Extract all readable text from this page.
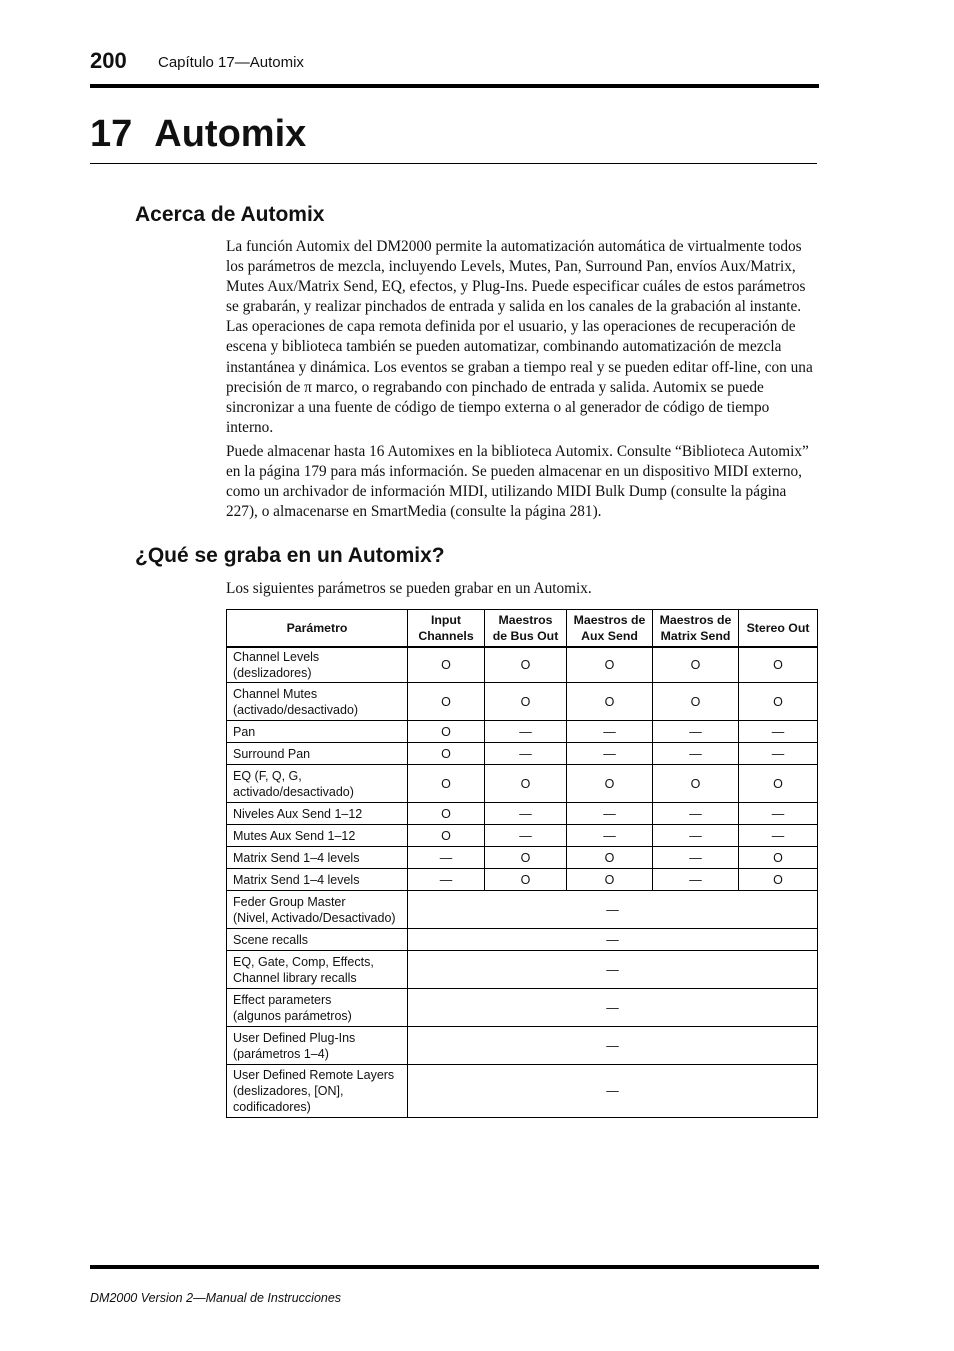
200 Capítulo 17—Automix
17 Automix
Acerca de Automix

La función Automix del DM2000 permite la automatización automática de virtualmente todos los parámetros de mezcla, incluyendo Levels, Mutes, Pan, Surround Pan, envíos Aux/Matrix, Mutes Aux/Matrix Send, EQ, efectos, y Plug-Ins. Puede especificar cuáles de estos parámetros se grabarán, y realizar pinchados de entrada y salida en los canales de la grabación al instante. Las operaciones de capa remota definida por el usuario, y las operaciones de recuperación de escena y biblioteca también se pueden automatizar, combinando automatización de mezcla instantánea y dinámica. Los eventos se graban a tiempo real y se pueden editar off-line, con una precisión de π marco, o regrabando con pinchado de entrada y salida. Automix se puede sincronizar a una fuente de código de tiempo externa o al generador de código de tiempo interno.

Puede almacenar hasta 16 Automixes en la biblioteca Automix. Consulte “Biblioteca Automix” en la página 179 para más información. Se pueden almacenar en un dispositivo MIDI externo, como un archivador de información MIDI, utilizando MIDI Bulk Dump (consulte la página 227), o almacenarse en SmartMedia (consulte la página 281).

¿Qué se graba en un Automix?

Los siguientes parámetros se pueden grabar en un Automix.

Parámetro	Input Channels	Maestros de Bus Out	Maestros de Aux Send	Maestros de Matrix Send	Stereo Out
Channel Levels (deslizadores)	O	O	O	O	O
Channel Mutes
(activado/desactivado)	O	O	O	O	O
Pan	O	—	—	—	—
Surround Pan	O	—	—	—	—
EQ (F, Q, G,
activado/desactivado)	O	O	O	O	O
Niveles Aux Send 1–12	O	—	—	—	—
Mutes Aux Send 1–12	O	—	—	—	—
Matrix Send 1–4 levels	—	O	O	—	O
Matrix Send 1–4 levels	—	O	O	—	O
Feder Group Master
(Nivel, Activado/Desactivado)	—				
Scene recalls	—				
EQ, Gate, Comp, Effects,
Channel library recalls	—				
Effect parameters
(algunos parámetros)	—				
User Defined Plug-Ins
(parámetros 1–4)	—				
User Defined Remote Layers
(deslizadores, [ON],
codificadores)	—				
DM2000 Version 2—Manual de Instrucciones
